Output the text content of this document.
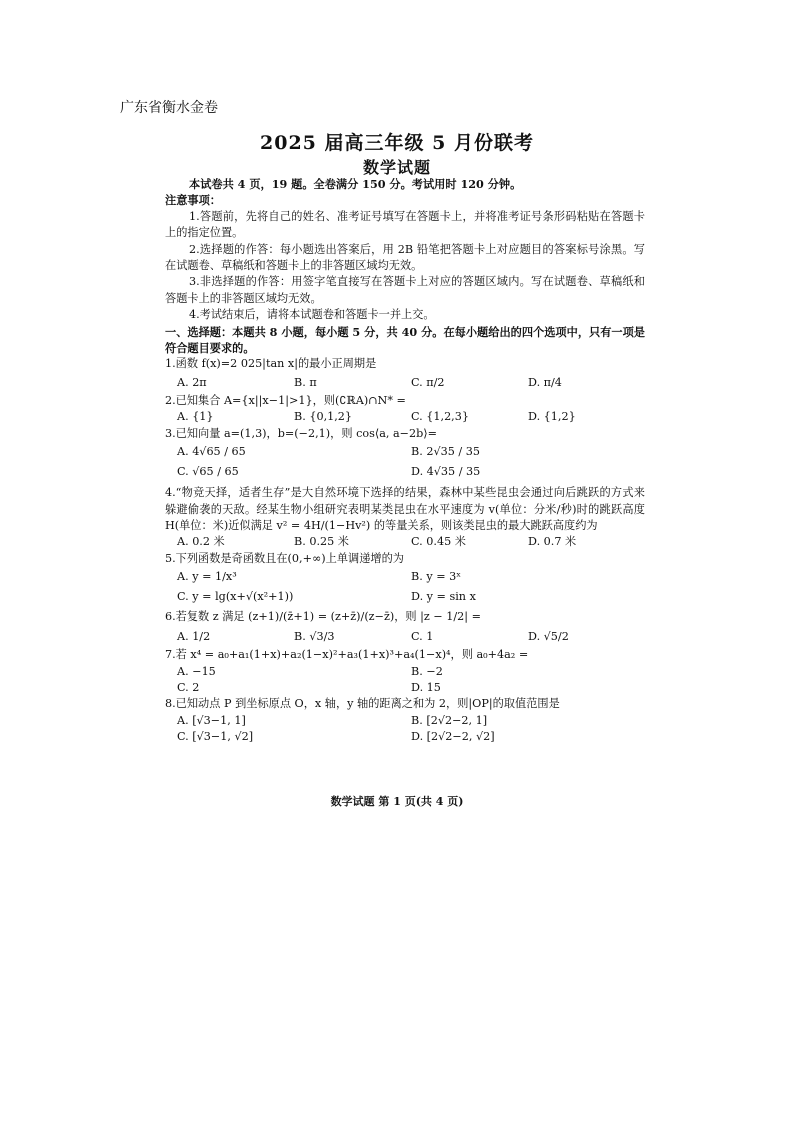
广东省衡水金卷
2025 届高三年级 5 月份联考
数学试题
本试卷共 4 页，19 题。全卷满分 150 分。考试用时 120 分钟。
注意事项：
1.答题前，先将自己的姓名、准考证号填写在答题卡上，并将准考证号条形码粘贴在答题卡上的指定位置。
2.选择题的作答：每小题选出答案后，用 2B 铅笔把答题卡上对应题目的答案标号涂黑。写在试题卷、草稿纸和答题卡上的非答题区域均无效。
3.非选择题的作答：用签字笔直接写在答题卡上对应的答题区域内。写在试题卷、草稿纸和答题卡上的非答题区域均无效。
4.考试结束后，请将本试题卷和答题卡一并上交。
一、选择题：本题共 8 小题，每小题 5 分，共 40 分。在每小题给出的四个选项中，只有一项是符合题目要求的。
1.函数 f(x)=2 025|tan x|的最小正周期是
A. 2π	B. π	C. π/2	D. π/4
2.已知集合 A={x||x−1|>1}，则(∁ℝA)∩N* =
A. {1}	B. {0,1,2}	C. {1,2,3}	D. {1,2}
3.已知向量 a=(1,3)，b=(−2,1)，则 cos⟨a, a−2b⟩=
A. 4√65 / 65	B. 2√35 / 35
C. √65 / 65	D. 4√35 / 35
4.“物竞天择，适者生存”是大自然环境下选择的结果，森林中某些昆虫会通过向后跳跃的方式来躲避偷袭的天敌。经某生物小组研究表明某类昆虫在水平速度为 v(单位：分米/秒)时的跳跃高度 H(单位：米)近似满足 v² = 4H/(1−Hv²) 的等量关系，则该类昆虫的最大跳跃高度约为
A. 0.2 米	B. 0.25 米	C. 0.45 米	D. 0.7 米
5.下列函数是奇函数且在(0,+∞)上单调递增的为
A. y = 1/x³	B. y = 3ˣ
C. y = lg(x+√(x²+1))	D. y = sin x
6.若复数 z 满足 (z+1)/(z̄+1) = (z+z̄)/(z−z̄)，则 |z − 1/2| =
A. 1/2	B. √3/3	C. 1	D. √5/2
7.若 x⁴ = a₀+a₁(1+x)+a₂(1−x)²+a₃(1+x)³+a₄(1−x)⁴，则 a₀+4a₂ =
A. −15	B. −2
C. 2	D. 15
8.已知动点 P 到坐标原点 O，x 轴，y 轴的距离之和为 2，则|OP|的取值范围是
A. [√3−1, 1]	B. [2√2−2, 1]
C. [√3−1, √2]	D. [2√2−2, √2]
数学试题 第 1 页(共 4 页)
